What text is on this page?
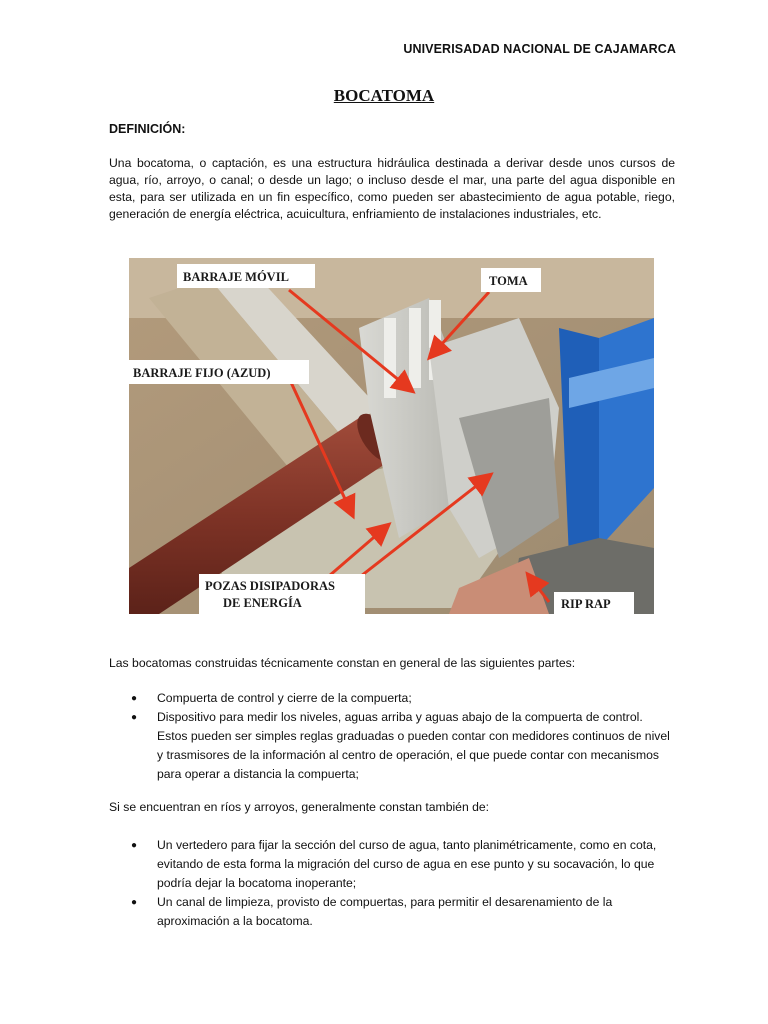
UNIVERISADAD NACIONAL DE CAJAMARCA
BOCATOMA
DEFINICIÓN:
Una bocatoma, o captación, es una estructura hidráulica destinada a derivar desde unos cursos de agua, río, arroyo, o canal; o desde un lago; o incluso desde el mar, una parte del agua disponible en esta, para ser utilizada en un fin específico, como pueden ser abastecimiento de agua potable, riego, generación de energía eléctrica, acuicultura, enfriamiento de instalaciones industriales, etc.
BARRAJE MÓVIL	TOMA
BARRAJE FIJO (AZUD)
POZAS DISIPADORAS
DE ENERGÍA	RIP RAP
Las bocatomas construidas técnicamente constan en general de las siguientes partes:
● Compuerta de control y cierre de la compuerta;
● Dispositivo para medir los niveles, aguas arriba y aguas abajo de la compuerta de control. Estos pueden ser simples reglas graduadas o pueden contar con medidores continuos de nivel y trasmisores de la información al centro de operación, el que puede contar con mecanismos para operar a distancia la compuerta;
Si se encuentran en ríos y arroyos, generalmente constan también de:
● Un vertedero para fijar la sección del curso de agua, tanto planimétricamente, como en cota, evitando de esta forma la migración del curso de agua en ese punto y su socavación, lo que podría dejar la bocatoma inoperante;
● Un canal de limpieza, provisto de compuertas, para permitir el desarenamiento de la aproximación a la bocatoma.
